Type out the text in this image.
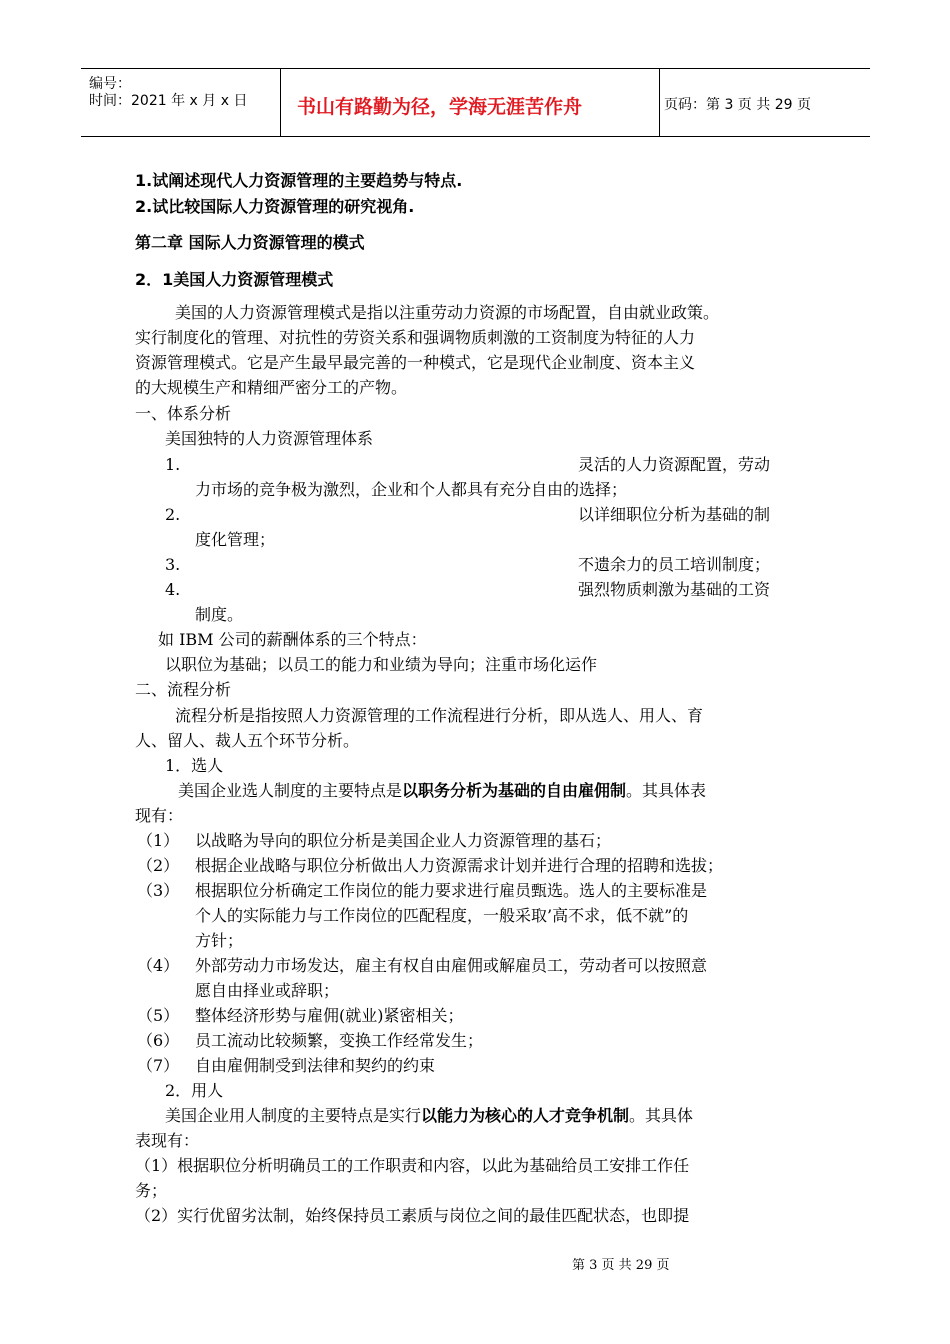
编号：
时间：2021 年 x 月 x 日	书山有路勤为径，学海无涯苦作舟	页码：第 3 页 共 29 页
1.试阐述现代人力资源管理的主要趋势与特点.
2.试比较国际人力资源管理的研究视角.
第二章 国际人力资源管理的模式
2．1美国人力资源管理模式
美国的人力资源管理模式是指以注重劳动力资源的市场配置，自由就业政策。
实行制度化的管理、对抗性的劳资关系和强调物质刺激的工资制度为特征的人力
资源管理模式。它是产生最早最完善的一种模式，它是现代企业制度、资本主义
的大规模生产和精细严密分工的产物。
一、体系分析
美国独特的人力资源管理体系
1.	灵活的人力资源配置，劳动
力市场的竞争极为激烈，企业和个人都具有充分自由的选择；
2.	以详细职位分析为基础的制
度化管理；
3.	不遗余力的员工培训制度；
4.	强烈物质刺激为基础的工资
制度。
如 IBM 公司的薪酬体系的三个特点：
以职位为基础；以员工的能力和业绩为导向；注重市场化运作
二、流程分析
流程分析是指按照人力资源管理的工作流程进行分析，即从选人、用人、育
人、留人、裁人五个环节分析。
1．选人
美国企业选人制度的主要特点是以职务分析为基础的自由雇佣制。其具体表
现有：
（1） 以战略为导向的职位分析是美国企业人力资源管理的基石；
（2） 根据企业战略与职位分析做出人力资源需求计划并进行合理的招聘和选拔；
（3） 根据职位分析确定工作岗位的能力要求进行雇员甄选。选人的主要标准是
个人的实际能力与工作岗位的匹配程度，一般采取’高不求，低不就”的
方针；
（4） 外部劳动力市场发达，雇主有权自由雇佣或解雇员工，劳动者可以按照意
愿自由择业或辞职；
（5） 整体经济形势与雇佣(就业)紧密相关；
（6） 员工流动比较频繁，变换工作经常发生；
（7） 自由雇佣制受到法律和契约的约束
2．用人
美国企业用人制度的主要特点是实行以能力为核心的人才竞争机制。其具体
表现有：
（1）根据职位分析明确员工的工作职责和内容，以此为基础给员工安排工作任
务；
（2）实行优留劣汰制，始终保持员工素质与岗位之间的最佳匹配状态，也即提
第 3 页 共 29 页
